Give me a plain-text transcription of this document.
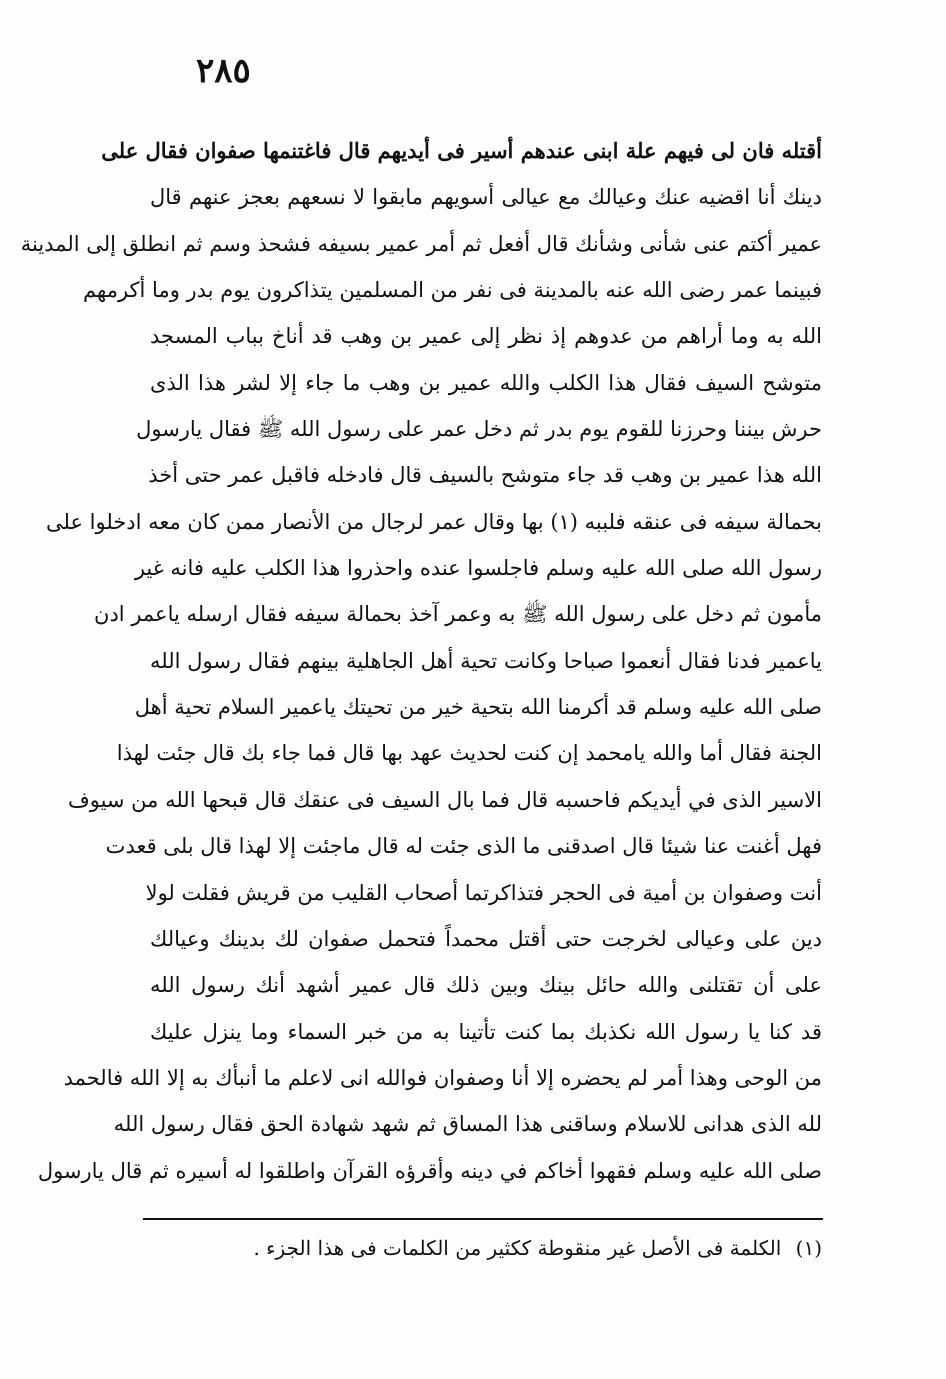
٢٨٥
أقتله فان لى فيهم علة ابنى عندهم أسير فى أيديهم قال فاغتنمها صفوان فقال على
دينك أنا اقضيه عنك وعيالك مع عيالى أسويهم مابقوا لا نسعهم بعجز عنهم قال
عمير أكتم عنى شأنى وشأنك قال أفعل ثم أمر عمير بسيفه فشحذ وسم ثم انطلق إلى المدينة
فبينما عمر رضى الله عنه بالمدينة فى نفر من المسلمين يتذاكرون يوم بدر وما أكرمهم
الله به وما أراهم من عدوهم إذ نظر إلى عمير بن وهب قد أناخ بباب المسجد
متوشح السيف فقال هذا الكلب والله عمير بن وهب ما جاء إلا لشر هذا الذى
حرش بيننا وحرزنا للقوم يوم بدر ثم دخل عمر على رسول الله ﷺ فقال يارسول
الله هذا عمير بن وهب قد جاء متوشح بالسيف قال فادخله فاقبل عمر حتى أخذ
بحمالة سيفه فى عنقه فلببه (١) بها وقال عمر لرجال من الأنصار ممن كان معه ادخلوا على
رسول الله صلى الله عليه وسلم فاجلسوا عنده واحذروا هذا الكلب عليه فانه غير
مأمون ثم دخل على رسول الله ﷺ به وعمر آخذ بحمالة سيفه فقال ارسله ياعمر ادن
ياعمير فدنا فقال أنعموا صباحا وكانت تحية أهل الجاهلية بينهم فقال رسول الله
صلى الله عليه وسلم قد أكرمنا الله بتحية خير من تحيتك ياعمير السلام تحية أهل
الجنة فقال أما والله يامحمد إن كنت لحديث عهد بها قال فما جاء بك قال جئت لهذا
الاسير الذى في أيديكم فاحسبه قال فما بال السيف فى عنقك قال قبحها الله من سيوف
فهل أغنت عنا شيئا قال اصدقنى ما الذى جئت له قال ماجئت إلا لهذا قال بلى قعدت
أنت وصفوان بن أمية فى الحجر فتذاكرتما أصحاب القليب من قريش فقلت لولا
دين على وعيالى لخرجت حتى أقتل محمداً فتحمل صفوان لك بدينك وعيالك
على أن تقتلنى والله حائل بينك وبين ذلك قال عمير أشهد أنك رسول الله
قد كنا يا رسول الله نكذبك بما كنت تأتينا به من خبر السماء وما ينزل عليك
من الوحى وهذا أمر لم يحضره إلا أنا وصفوان فوالله انى لاعلم ما أنبأك به إلا الله فالحمد
لله الذى هدانى للاسلام وساقنى هذا المساق ثم شهد شهادة الحق فقال رسول الله
صلى الله عليه وسلم فقهوا أخاكم في دينه وأقرؤه القرآن واطلقوا له أسيره ثم قال يارسول
(١) الكلمة فى الأصل غير منقوطة ككثير من الكلمات فى هذا الجزء .
